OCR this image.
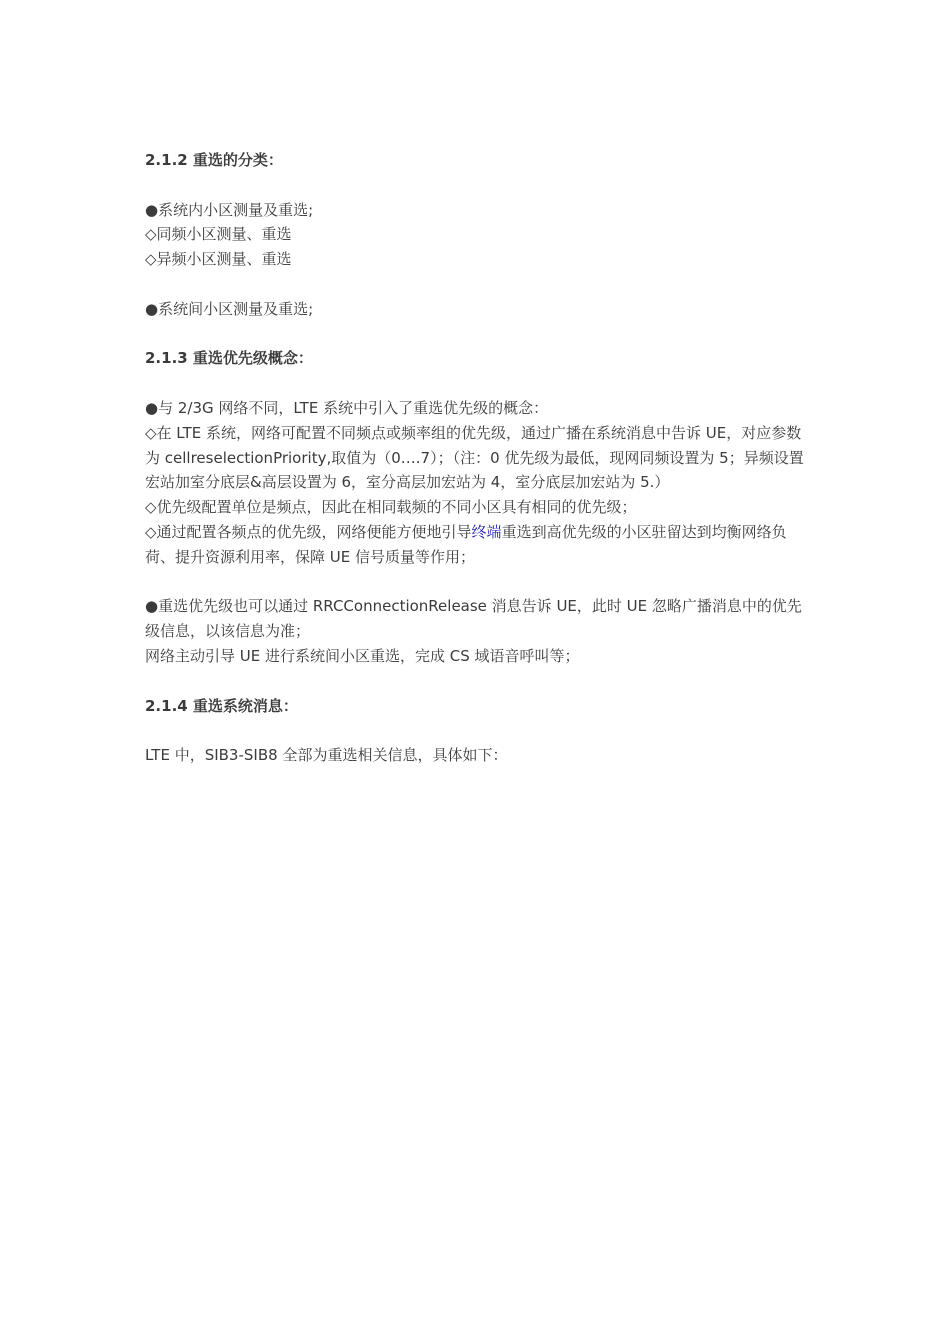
2.1.2 重选的分类：

●系统内小区测量及重选;

◇同频小区测量、重选

◇异频小区测量、重选

●系统间小区测量及重选;

2.1.3 重选优先级概念：

●与 2/3G 网络不同，LTE 系统中引入了重选优先级的概念：

◇在 LTE 系统，网络可配置不同频点或频率组的优先级，通过广播在系统消息中告诉 UE，对应参数为 cellreselectionPriority,取值为（0….7）；（注：0 优先级为最低，现网同频设置为 5；异频设置宏站加室分底层&高层设置为 6，室分高层加宏站为 4，室分底层加宏站为 5.）

◇优先级配置单位是频点，因此在相同载频的不同小区具有相同的优先级；

◇通过配置各频点的优先级，网络便能方便地引导终端重选到高优先级的小区驻留达到均衡网络负荷、提升资源利用率，保障 UE 信号质量等作用；

●重选优先级也可以通过 RRCConnectionRelease 消息告诉 UE，此时 UE 忽略广播消息中的优先级信息，以该信息为准；

网络主动引导 UE 进行系统间小区重选，完成 CS 域语音呼叫等；

2.1.4 重选系统消息：

LTE 中，SIB3-SIB8 全部为重选相关信息，具体如下：
